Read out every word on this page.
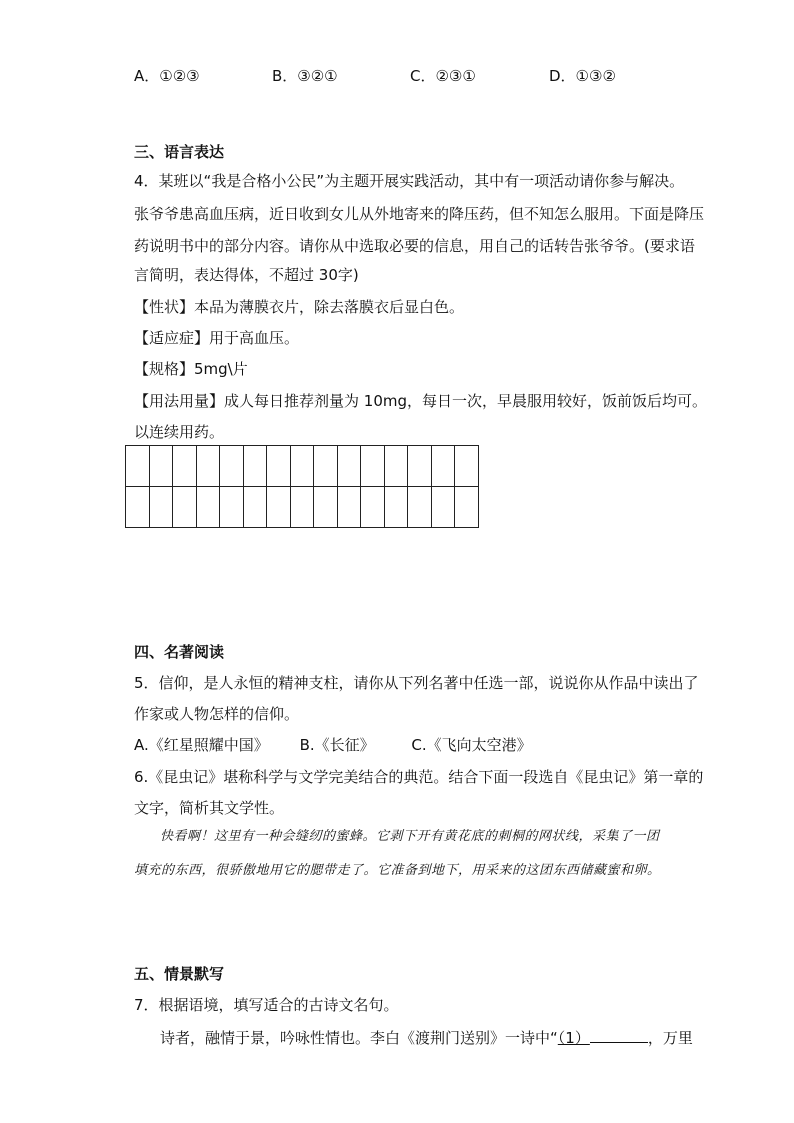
A．①②③	B．③②①	C．②③①	D．①③②
三、语言表达
4．某班以“我是合格小公民”为主题开展实践活动，其中有一项活动请你参与解决。
张爷爷患高血压病，近日收到女儿从外地寄来的降压药，但不知怎么服用。下面是降压
药说明书中的部分内容。请你从中选取必要的信息，用自己的话转告张爷爷。(要求语
言简明，表达得体，不超过 30字)
【性状】本品为薄膜衣片，除去落膜衣后显白色。
【适应症】用于高血压。
【规格】5mg\片
【用法用量】成人每日推荐剂量为 10mg，每日一次，早晨服用较好，饭前饭后均可。
以连续用药。

四、名著阅读
5．信仰，是人永恒的精神支柱，请你从下列名著中任选一部，说说你从作品中读出了
作家或人物怎样的信仰。
A.《红星照耀中国》 B.《长征》 C.《飞向太空港》
6.《昆虫记》堪称科学与文学完美结合的典范。结合下面一段选自《昆虫记》第一章的
文字，简析其文学性。
快看啊！这里有一种会缝纫的蜜蜂。它剥下开有黄花底的刺桐的网状线，采集了一团填充的东西，很骄傲地用它的腮带走了。它准备到地下，用采来的这团东西储藏蜜和卵。
五、情景默写
7．根据语境，填写适合的古诗文名句。
诗者，融情于景，吟咏性情也。李白《渡荆门送别》一诗中“（1）	，万里
